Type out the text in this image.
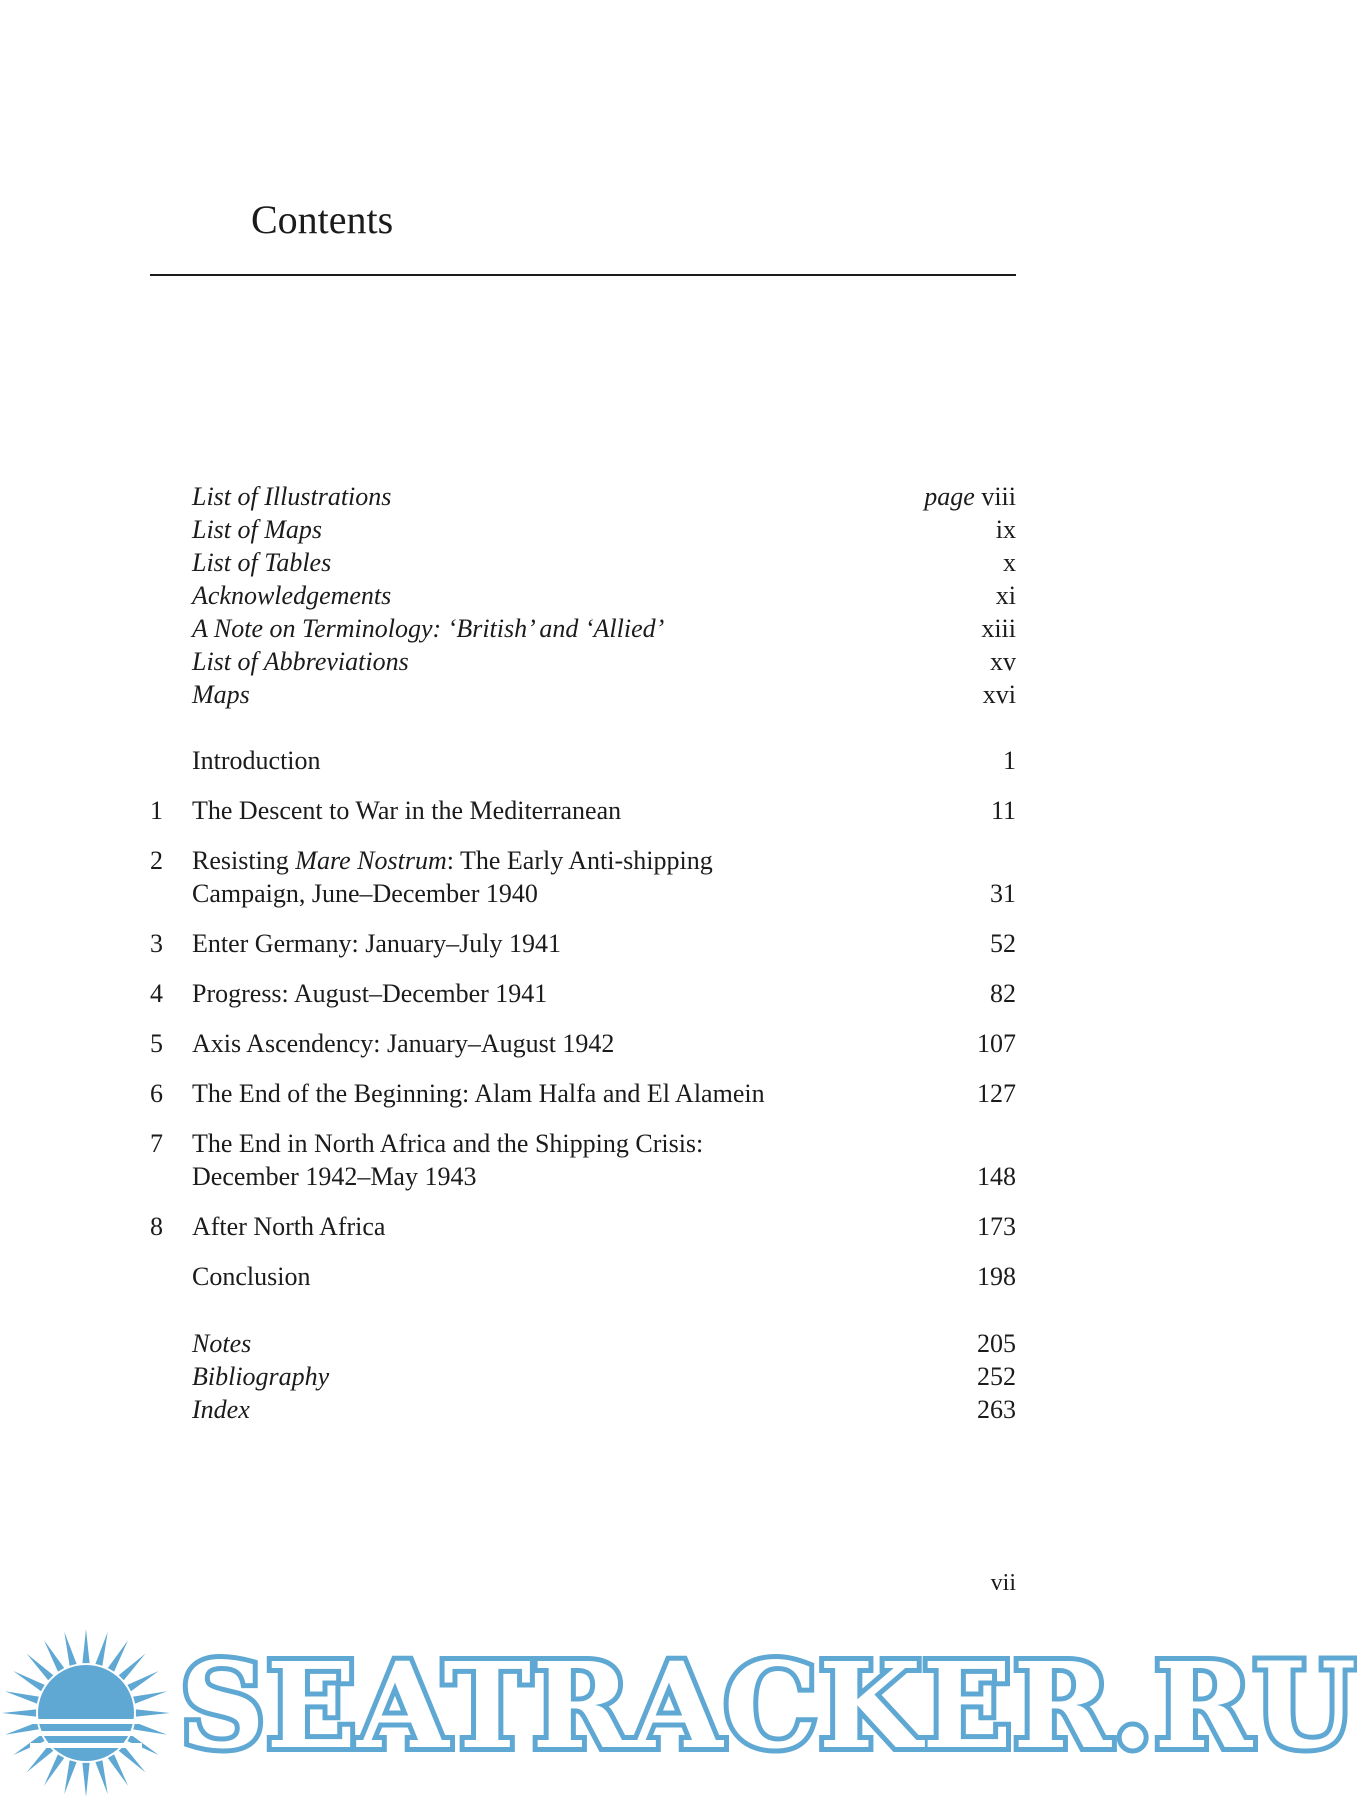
Contents
List of Illustrations	page viii
List of Maps	ix
List of Tables	x
Acknowledgements	xi
A Note on Terminology: ‘British’ and ‘Allied’	xiii
List of Abbreviations	xv
Maps	xvi
Introduction	1
1 The Descent to War in the Mediterranean	11
2 Resisting Mare Nostrum: The Early Anti-shipping
Campaign, June–December 1940	31
3 Enter Germany: January–July 1941	52
4 Progress: August–December 1941	82
5 Axis Ascendency: January–August 1942	107
6 The End of the Beginning: Alam Halfa and El Alamein	127
7 The End in North Africa and the Shipping Crisis:
December 1942–May 1943	148
8 After North Africa	173
Conclusion	198
Notes	205
Bibliography	252
Index	263
vii
SEATRACKER.RU
